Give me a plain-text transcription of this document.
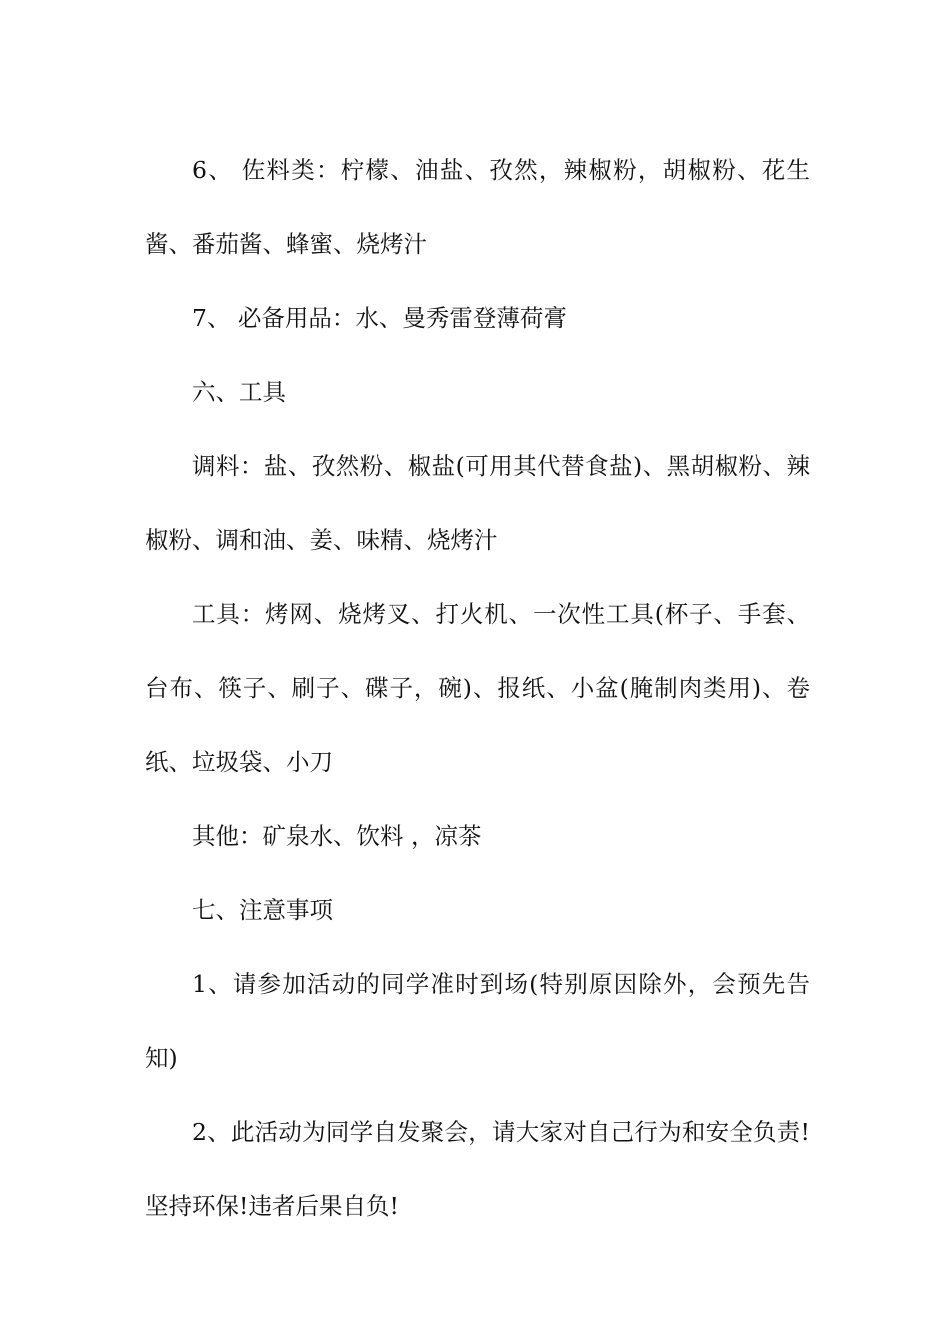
6、 佐料类：柠檬、油盐、孜然，辣椒粉，胡椒粉、花生酱、番茄酱、蜂蜜、烧烤汁

7、 必备用品：水、曼秀雷登薄荷膏

六、工具

调料：盐、孜然粉、椒盐(可用其代替食盐)、黑胡椒粉、辣椒粉、调和油、姜、味精、烧烤汁

工具：烤网、烧烤叉、打火机、一次性工具(杯子、手套、台布、筷子、刷子、碟子，碗)、报纸、小盆(腌制肉类用)、卷纸、垃圾袋、小刀

其他：矿泉水、饮料 ，凉茶

七、注意事项

1、请参加活动的同学准时到场(特别原因除外，会预先告知)

2、此活动为同学自发聚会，请大家对自己行为和安全负责!坚持环保!违者后果自负!
